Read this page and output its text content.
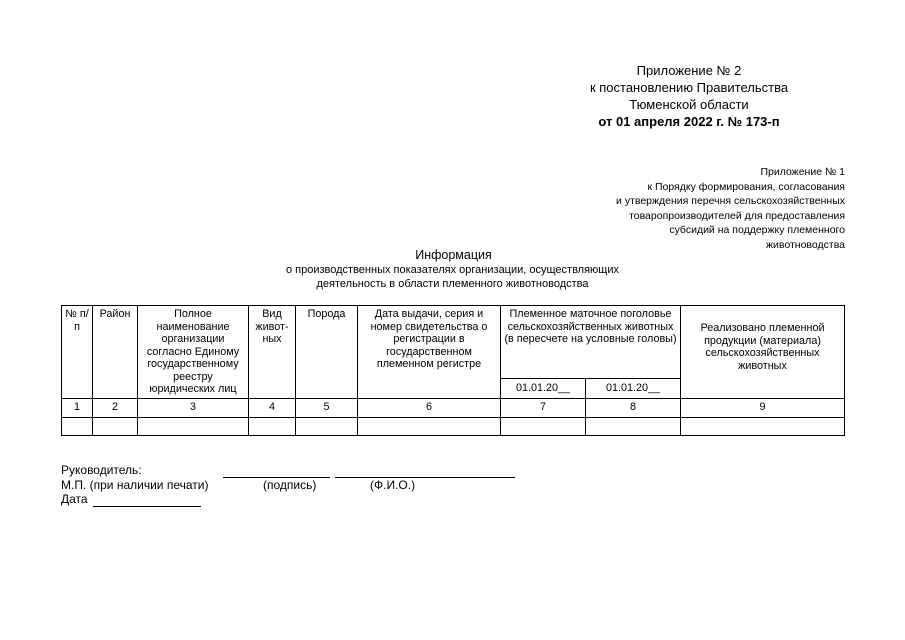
Приложение № 2
к постановлению Правительства
Тюменской области
от 01 апреля 2022 г. № 173-п
Приложение № 1
к Порядку формирования, согласования
и утверждения перечня сельскохозяйственных
товаропроизводителей для предоставления
субсидий на поддержку племенного
животноводства
Информация
о производственных показателях организации, осуществляющих
деятельность в области племенного животноводства
№ п/п	Район	Полное наименование организации согласно Единому государственному реестру юридических лиц	Вид живот-ных	Порода	Дата выдачи, серия и номер свидетельства о регистрации в государственном племенном регистре	Племенное маточное поголовье сельскохозяйственных животных (в пересчете на условные головы)		Реализовано племенной продукции (материала) сельскохозяйственных животных
						01.01.20__	01.01.20__	
1	2	3	4	5	6	7	8	9

Руководитель:
М.П. (при наличии печати)	(подпись)	(Ф.И.О.)
Дата
